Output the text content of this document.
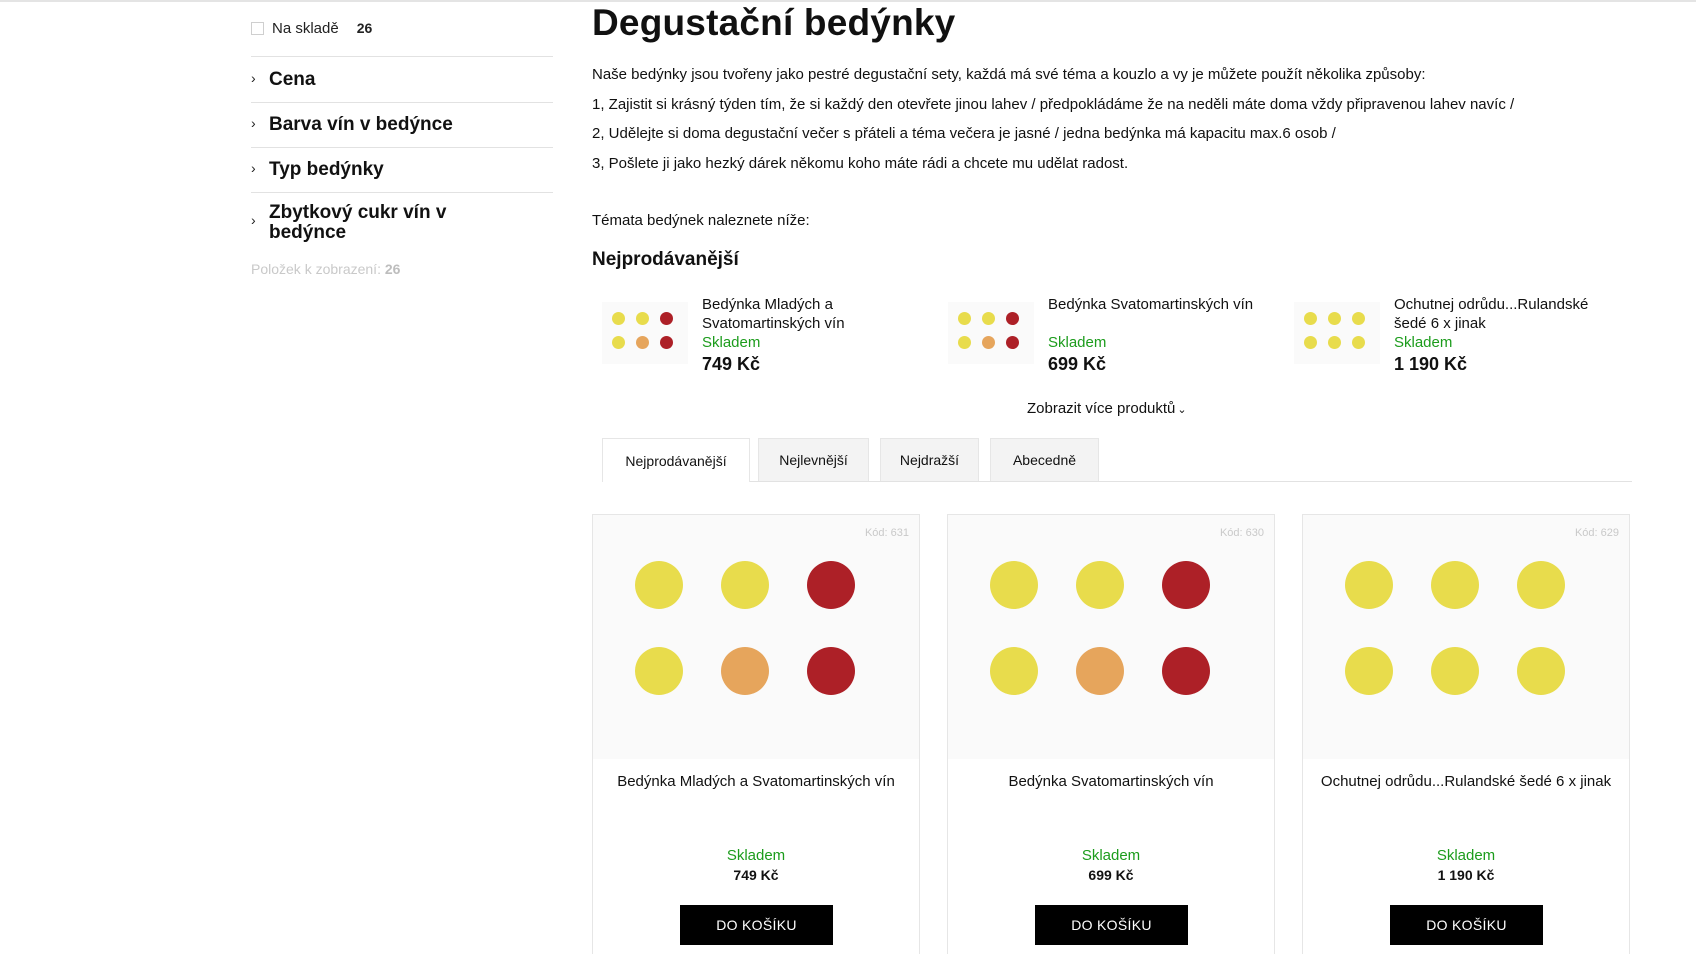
Na skladě 26
› Cena
› Barva vín v bedýnce
› Typ bedýnky
› Zbytkový cukr vín v bedýnce
Položek k zobrazení: 26
Degustační bedýnky

Naše bedýnky jsou tvořeny jako pestré degustační sety, každá má své téma a kouzlo a vy je můžete použít několika způsoby:

1, Zajistit si krásný týden tím, že si každý den otevřete jinou lahev / předpokládáme že na neděli máte doma vždy připravenou lahev navíc /

2, Udělejte si doma degustační večer s přáteli a téma večera je jasné / jedna bedýnka má kapacitu max.6 osob /

3, Pošlete ji jako hezký dárek někomu koho máte rádi a chcete mu udělat radost.

Témata bedýnek naleznete níže:
Nejprodávanější
Bedýnka Mladých a Svatomartinských vín
Skladem
749 Kč
Bedýnka Svatomartinských vín
Skladem
699 Kč
Ochutnej odrůdu...Rulandské šedé 6 x jinak
Skladem
1 190 Kč
Zobrazit více produktů ⌄
Nejprodávanější	Nejlevnější	Nejdražší	Abecedně
Kód: 631
Bedýnka Mladých a Svatomartinských vín
Skladem
749 Kč
DO KOŠÍKU
Kód: 630
Bedýnka Svatomartinských vín
Skladem
699 Kč
DO KOŠÍKU
Kód: 629
Ochutnej odrůdu...Rulandské šedé 6 x jinak
Skladem
1 190 Kč
DO KOŠÍKU
